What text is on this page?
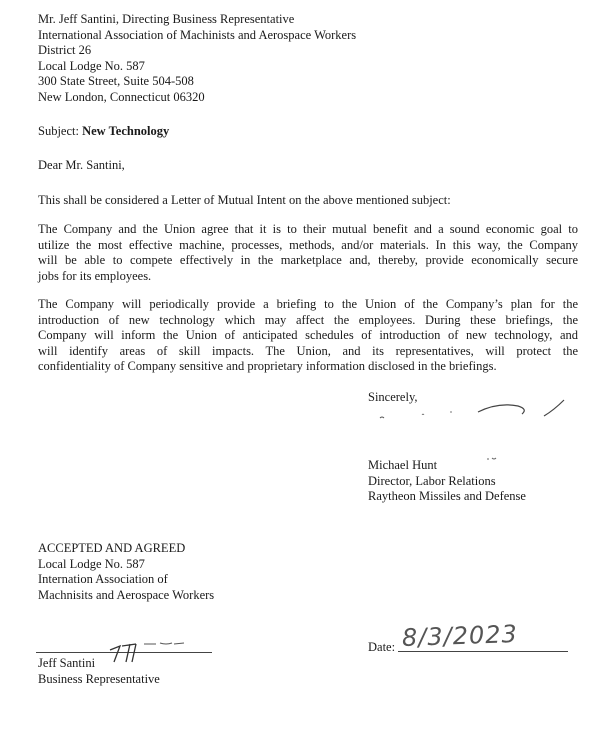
Mr. Jeff Santini, Directing Business Representative
International Association of Machinists and Aerospace Workers
District 26
Local Lodge No. 587
300 State Street, Suite 504-508
New London, Connecticut 06320
Subject: New Technology
Dear Mr. Santini,
This shall be considered a Letter of Mutual Intent on the above mentioned subject:
The Company and the Union agree that it is to their mutual benefit and a sound economic goal to
utilize the most effective machine, processes, methods, and/or materials. In this way, the Company
will be able to compete effectively in the marketplace and, thereby, provide economically secure
jobs for its employees.
The Company will periodically provide a briefing to the Union of the Company’s plan for the
introduction of new technology which may affect the employees. During these briefings, the
Company will inform the Union of anticipated schedules of introduction of new technology, and
will identify areas of skill impacts. The Union, and its representatives, will protect the
confidentiality of Company sensitive and proprietary information disclosed in the briefings.
Sincerely,
Michael Hunt
Director, Labor Relations
Raytheon Missiles and Defense
ACCEPTED AND AGREED
Local Lodge No. 587
Internation Association of
Machnisits and Aerospace Workers
Jeff Santini
Business Representative
Date: 8/3/2023
